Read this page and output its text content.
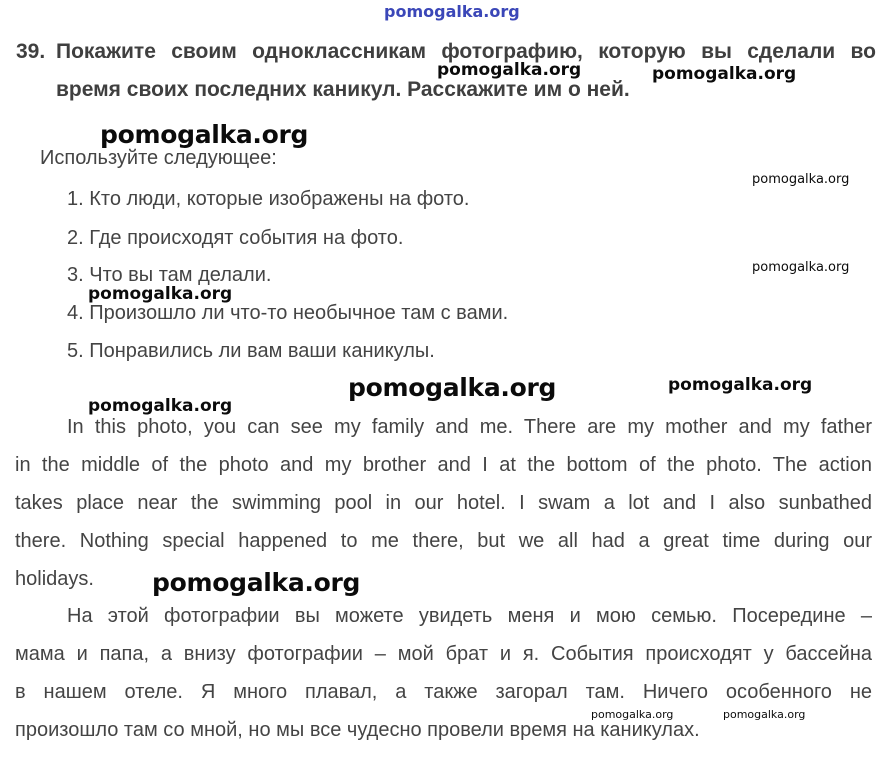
pomogalka.org
pomogalka.org	pomogalka.org
pomogalka.org
pomogalka.org
pomogalka.org
pomogalka.org
pomogalka.org	pomogalka.org
pomogalka.org
pomogalka.org
pomogalka.org	pomogalka.org
39. Покажите своим одноклассникам фотографию, которую вы сделали во
время своих последних каникул. Расскажите им о ней.
Используйте следующее:
1. Кто люди, которые изображены на фото.
2. Где происходят события на фото.
3. Что вы там делали.
4. Произошло ли что-то необычное там с вами.
5. Понравились ли вам ваши каникулы.
In this photo, you can see my family and me. There are my mother and my father
in the middle of the photo and my brother and I at the bottom of the photo. The action
takes place near the swimming pool in our hotel. I swam a lot and I also sunbathed
there. Nothing special happened to me there, but we all had a great time during our
holidays.
На этой фотографии вы можете увидеть меня и мою семью. Посередине –
мама и папа, а внизу фотографии – мой брат и я. События происходят у бассейна
в нашем отеле. Я много плавал, а также загорал там. Ничего особенного не
произошло там со мной, но мы все чудесно провели время на каникулах.
